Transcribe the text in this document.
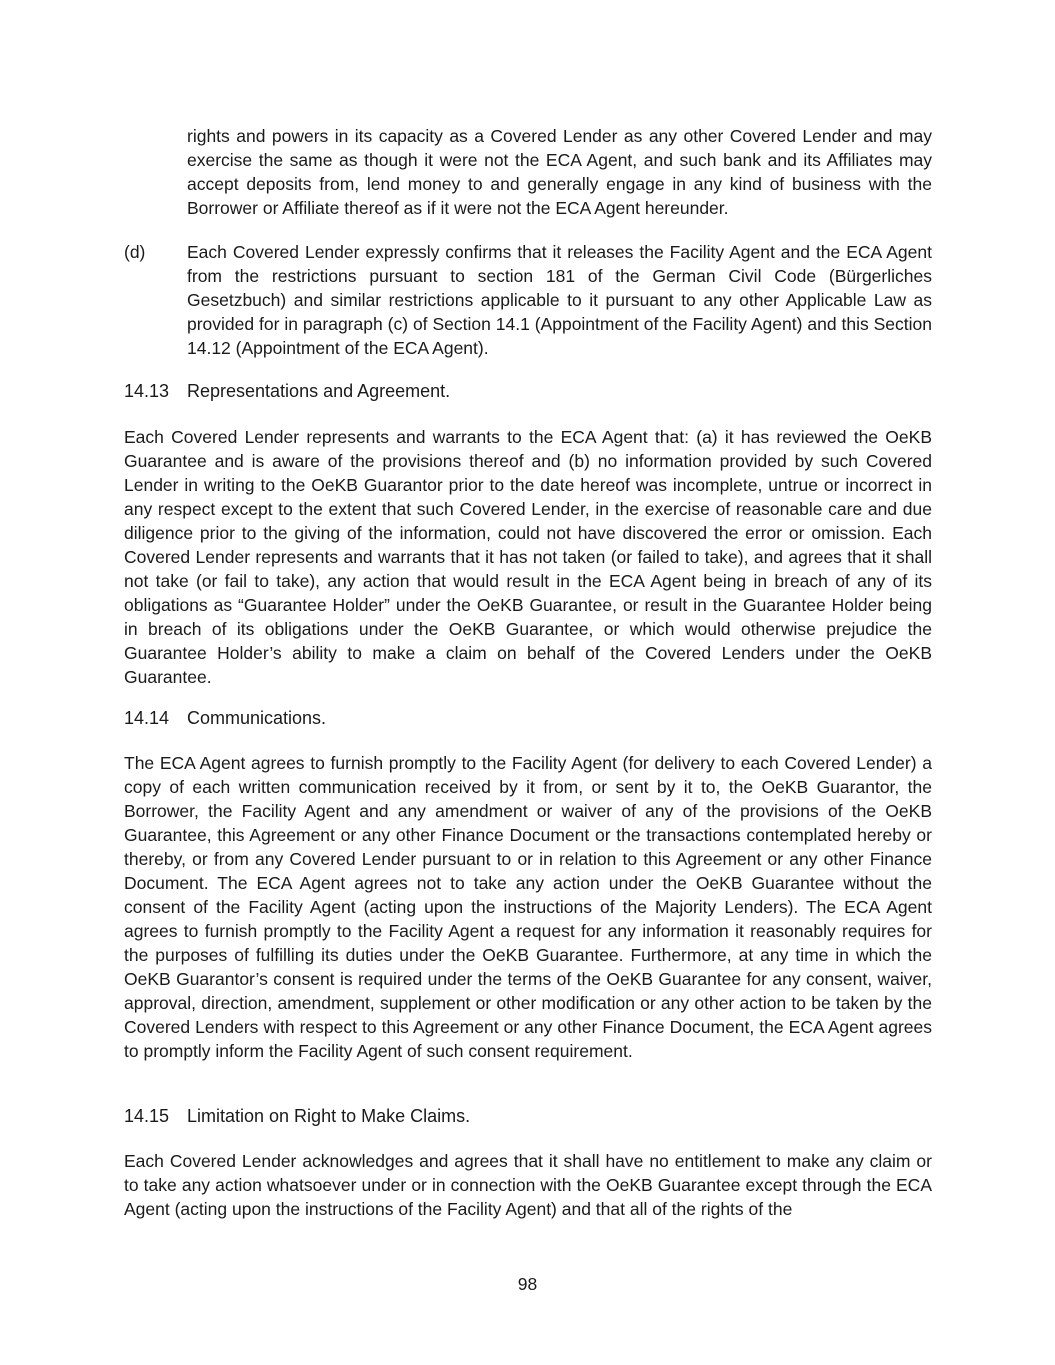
rights and powers in its capacity as a Covered Lender as any other Covered Lender and may exercise the same as though it were not the ECA Agent, and such bank and its Affiliates may accept deposits from, lend money to and generally engage in any kind of business with the Borrower or Affiliate thereof as if it were not the ECA Agent hereunder.

(d) Each Covered Lender expressly confirms that it releases the Facility Agent and the ECA Agent from the restrictions pursuant to section 181 of the German Civil Code (Bürgerliches Gesetzbuch) and similar restrictions applicable to it pursuant to any other Applicable Law as provided for in paragraph (c) of Section 14.1 (Appointment of the Facility Agent) and this Section 14.12 (Appointment of the ECA Agent).

14.13 Representations and Agreement.

Each Covered Lender represents and warrants to the ECA Agent that: (a) it has reviewed the OeKB Guarantee and is aware of the provisions thereof and (b) no information provided by such Covered Lender in writing to the OeKB Guarantor prior to the date hereof was incomplete, untrue or incorrect in any respect except to the extent that such Covered Lender, in the exercise of reasonable care and due diligence prior to the giving of the information, could not have discovered the error or omission. Each Covered Lender represents and warrants that it has not taken (or failed to take), and agrees that it shall not take (or fail to take), any action that would result in the ECA Agent being in breach of any of its obligations as “Guarantee Holder” under the OeKB Guarantee, or result in the Guarantee Holder being in breach of its obligations under the OeKB Guarantee, or which would otherwise prejudice the Guarantee Holder’s ability to make a claim on behalf of the Covered Lenders under the OeKB Guarantee.

14.14 Communications.

The ECA Agent agrees to furnish promptly to the Facility Agent (for delivery to each Covered Lender) a copy of each written communication received by it from, or sent by it to, the OeKB Guarantor, the Borrower, the Facility Agent and any amendment or waiver of any of the provisions of the OeKB Guarantee, this Agreement or any other Finance Document or the transactions contemplated hereby or thereby, or from any Covered Lender pursuant to or in relation to this Agreement or any other Finance Document. The ECA Agent agrees not to take any action under the OeKB Guarantee without the consent of the Facility Agent (acting upon the instructions of the Majority Lenders). The ECA Agent agrees to furnish promptly to the Facility Agent a request for any information it reasonably requires for the purposes of fulfilling its duties under the OeKB Guarantee. Furthermore, at any time in which the OeKB Guarantor’s consent is required under the terms of the OeKB Guarantee for any consent, waiver, approval, direction, amendment, supplement or other modification or any other action to be taken by the Covered Lenders with respect to this Agreement or any other Finance Document, the ECA Agent agrees to promptly inform the Facility Agent of such consent requirement.

14.15 Limitation on Right to Make Claims.

Each Covered Lender acknowledges and agrees that it shall have no entitlement to make any claim or to take any action whatsoever under or in connection with the OeKB Guarantee except through the ECA Agent (acting upon the instructions of the Facility Agent) and that all of the rights of the

98
